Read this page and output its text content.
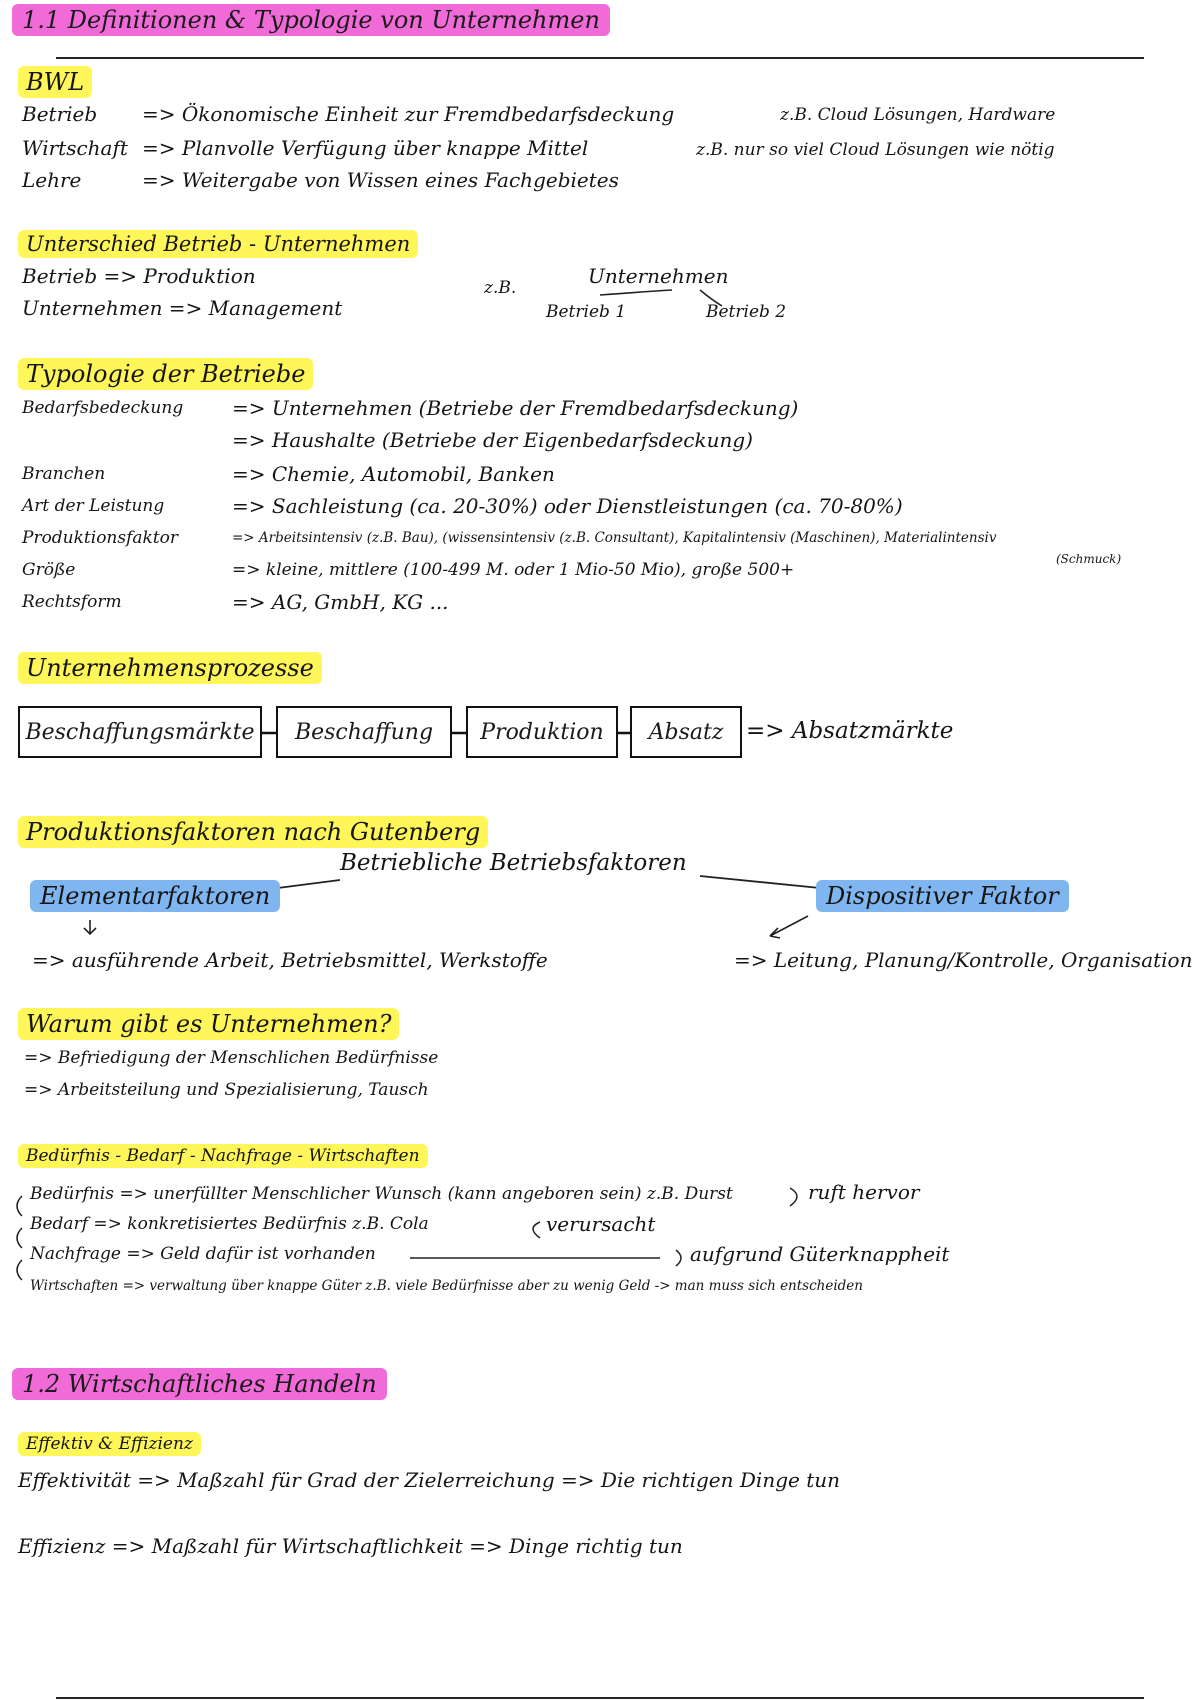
1.1 Definitionen & Typologie von Unternehmen
BWL
Betrieb => Ökonomische Einheit zur Fremdbedarfsdeckung	z.B. Cloud Lösungen, Hardware
Wirtschaft => Planvolle Verfügung über knappe Mittel	z.B. nur so viel Cloud Lösungen wie nötig
Lehre	=> Weitergabe von Wissen eines Fachgebietes
Unterschied Betrieb - Unternehmen
Betrieb => Produktion
Unternehmen => Management
z.B.	Unternehmen
Betrieb 1	Betrieb 2
Typologie der Betriebe
Bedarfsbedeckung => Unternehmen (Betriebe der Fremdbedarfsdeckung)
=> Haushalte (Betriebe der Eigenbedarfsdeckung)
Branchen	=> Chemie, Automobil, Banken
Art der Leistung	=> Sachleistung (ca. 20-30%) oder Dienstleistungen (ca. 70-80%)
Produktionsfaktor	=> Arbeitsintensiv (z.B. Bau), (wissensintensiv (z.B. Consultant), Kapitalintensiv (Maschinen), Materialintensiv
(Schmuck)
Größe	=> kleine, mittlere (100-499 M. oder 1 Mio-50 Mio), große 500+
Rechtsform	=> AG, GmbH, KG ...
Unternehmensprozesse
Beschaffungsmärkte	Beschaffung	Produktion	Absatz => Absatzmärkte
Produktionsfaktoren nach Gutenberg
Betriebliche Betriebsfaktoren
Elementarfaktoren	Dispositiver Faktor
=> ausführende Arbeit, Betriebsmittel, Werkstoffe	=> Leitung, Planung/Kontrolle, Organisation
Warum gibt es Unternehmen?
=> Befriedigung der Menschlichen Bedürfnisse
=> Arbeitsteilung und Spezialisierung, Tausch
Bedürfnis - Bedarf - Nachfrage - Wirtschaften
Bedürfnis => unerfüllter Menschlicher Wunsch (kann angeboren sein) z.B. Durst	ruft hervor
Bedarf => konkretisiertes Bedürfnis z.B. Cola	verursacht
Nachfrage => Geld dafür ist vorhanden	aufgrund Güterknappheit
Wirtschaften => verwaltung über knappe Güter z.B. viele Bedürfnisse aber zu wenig Geld -> man muss sich entscheiden
1.2 Wirtschaftliches Handeln
Effektiv & Effizienz
Effektivität => Maßzahl für Grad der Zielerreichung => Die richtigen Dinge tun
Effizienz => Maßzahl für Wirtschaftlichkeit => Dinge richtig tun
